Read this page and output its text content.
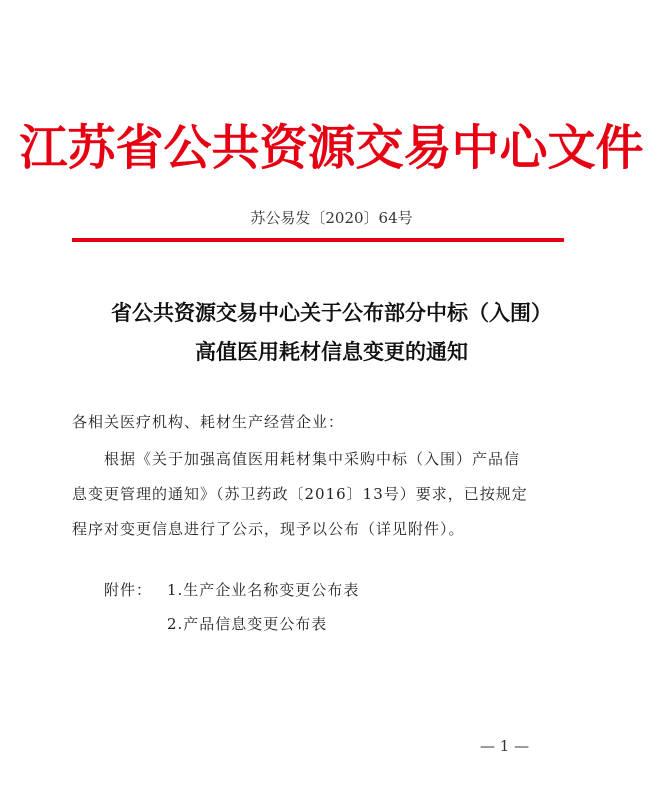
江苏省公共资源交易中心文件
苏公易发〔2020〕64号
省公共资源交易中心关于公布部分中标（入围）
高值医用耗材信息变更的通知
各相关医疗机构、耗材生产经营企业：
根据《关于加强高值医用耗材集中采购中标（入围）产品信
息变更管理的通知》（苏卫药政〔2016〕13号）要求，已按规定
程序对变更信息进行了公示，现予以公布（详见附件）。
附件： 1.生产企业名称变更公布表
2.产品信息变更公布表
— 1 —
